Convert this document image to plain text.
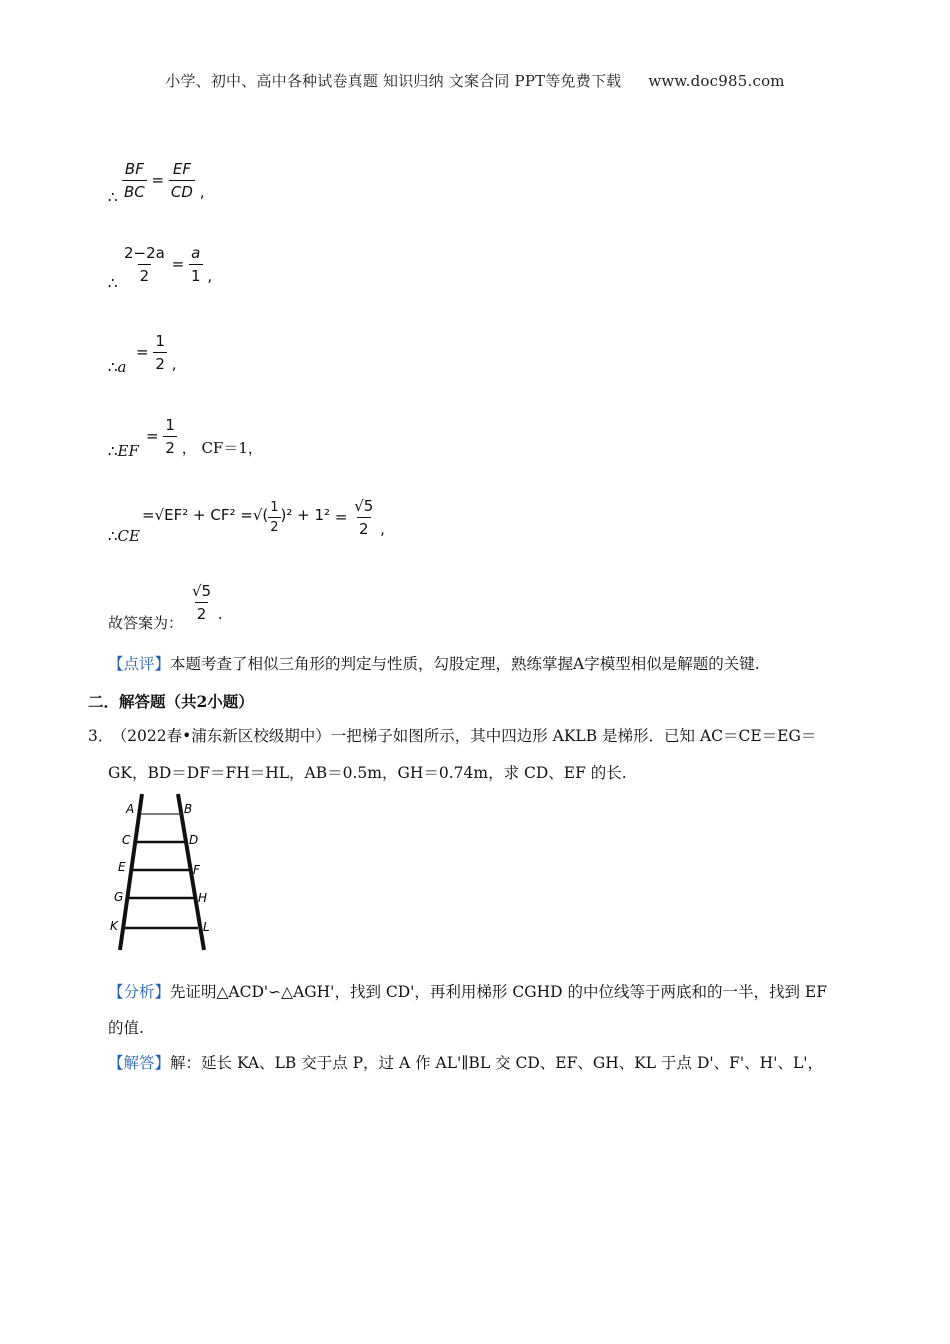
小学、初中、高中各种试卷真题 知识归纳 文案合同 PPT等免费下载 www.doc985.com
∴ $\frac{BF}{BC} = \frac{EF}{CD}$ ,
∴ $\frac{2-2a}{2} = \frac{a}{1}$ ,
∴a
= $\frac{1}{2}$ ,
∴EF
= $\frac{1}{2}$ ， CF＝1，
∴CE
=√EF² + CF² =√( $\frac{1}{2} )^2 + 1^2 = \frac{√5}{2}$ ,
故答案为： $\frac{√5}{2}$ .
【点评】本题考查了相似三角形的判定与性质，勾股定理，熟练掌握A字模型相似是解题的关键.
二．解答题（共2小题）
3． （2022春•浦东新区校级期中）一把梯子如图所示，其中四边形 AKLB 是梯形．已知 AC＝CE＝EG＝
GK，BD＝DF＝FH＝HL，AB＝0.5m，GH＝0.74m，求 CD、EF 的长.
A
C
E
G
K
B
D
F
H
L
【分析】先证明△ACD'∽△AGH'，找到 CD'，再利用梯形 CGHD 的中位线等于两底和的一半，找到 EF
的值.
【解答】解：延长 KA、LB 交于点 P，过 A 作 AL'∥BL 交 CD、EF、GH、KL 于点 D'、F'、H'、L'，
